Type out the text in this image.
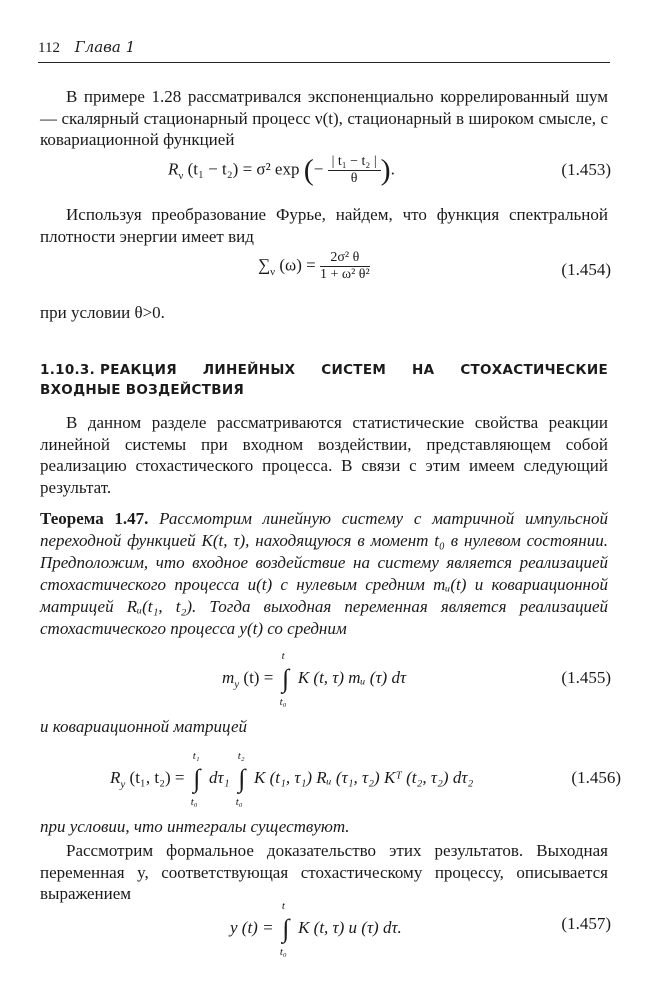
112 Глава 1

В примере 1.28 рассматривался экспоненциально коррелированный шум — скалярный стационарный процесс ν(t), стационарный в широком смысле, с ковариационной функцией

$R_\nu$ (t₁ − t₂) = σ² exp (− $\frac{\text{| t₁ − t₂ |}}{\theta}$ ).	(1.453)

Используя преобразование Фурье, найдем, что функция спектральной плотности энергии имеет вид

$\sum_\nu$ $(\omega) = \frac{\text{2σ² θ}}{\text{1 + ω² θ²}}$	(1.454)

при условии θ>0.

1.10.3. РЕАКЦИЯ ЛИНЕЙНЫХ СИСТЕМ НА СТОХАСТИЧЕСКИЕ
ВХОДНЫЕ ВОЗДЕЙСТВИЯ

В данном разделе рассматриваются статистические свойства реакции линейной системы при входном воздействии, представляющем собой реализацию стохастического процесса. В связи с этим имеем следующий результат.

Теорема 1.47. Рассмотрим линейную систему с матричной импульсной переходной функцией K(t, τ), находящуюся в момент t₀ в нулевом состоянии. Предположим, что входное воздействие на систему является реализацией стохастического процесса u(t) с нулевым средним mᵤ(t) и ковариационной матрицей Rᵤ(t₁, t₂). Тогда выходная переменная является реализацией стохастического процесса y(t) со средним

$m_y$ (t) =
t
∫
t₀
K (t, τ) mᵤ (τ) dτ	(1.455)

и ковариационной матрицей

$R_y$ (t₁, t₂) =
t₁
∫
t₀
dτ₁
t₂
∫
t₀
K (t₁, τ₁) Rᵤ (τ₁, τ₂) Kᵀ (t₂, τ₂) dτ₂	(1.456)

при условии, что интегралы существуют.

Рассмотрим формальное доказательство этих результатов. Выходная переменная y, соответствующая стохастическому процессу, описывается выражением

y (t) =
t
∫
t₀
K (t, τ) u (τ) dτ.	(1.457)
